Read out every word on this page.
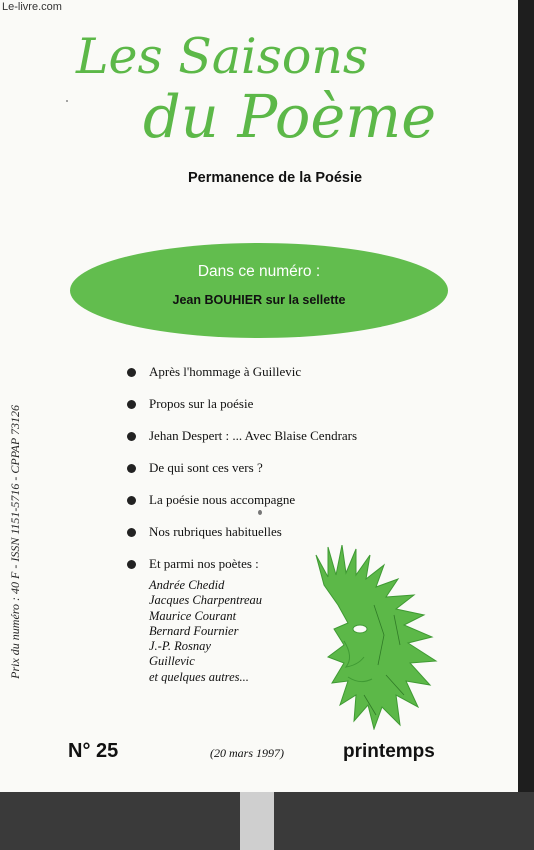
Le-livre.com
Les Saisons
du Poème
Permanence de la Poésie
Dans ce numéro :
Jean BOUHIER sur la sellette
Après l'hommage à Guillevic
Propos sur la poésie
Jehan Despert : ... Avec Blaise Cendrars
De qui sont ces vers ?
La poésie nous accompagne
Nos rubriques habituelles
Et parmi nos poètes :
Andrée Chedid
Jacques Charpentreau
Maurice Courant
Bernard Fournier
J.-P. Rosnay
Guillevic
et quelques autres...
Prix du numéro : 40 F - ISSN 1151-5716 - CPPAP 73126
N° 25	(20 mars 1997)	printemps
